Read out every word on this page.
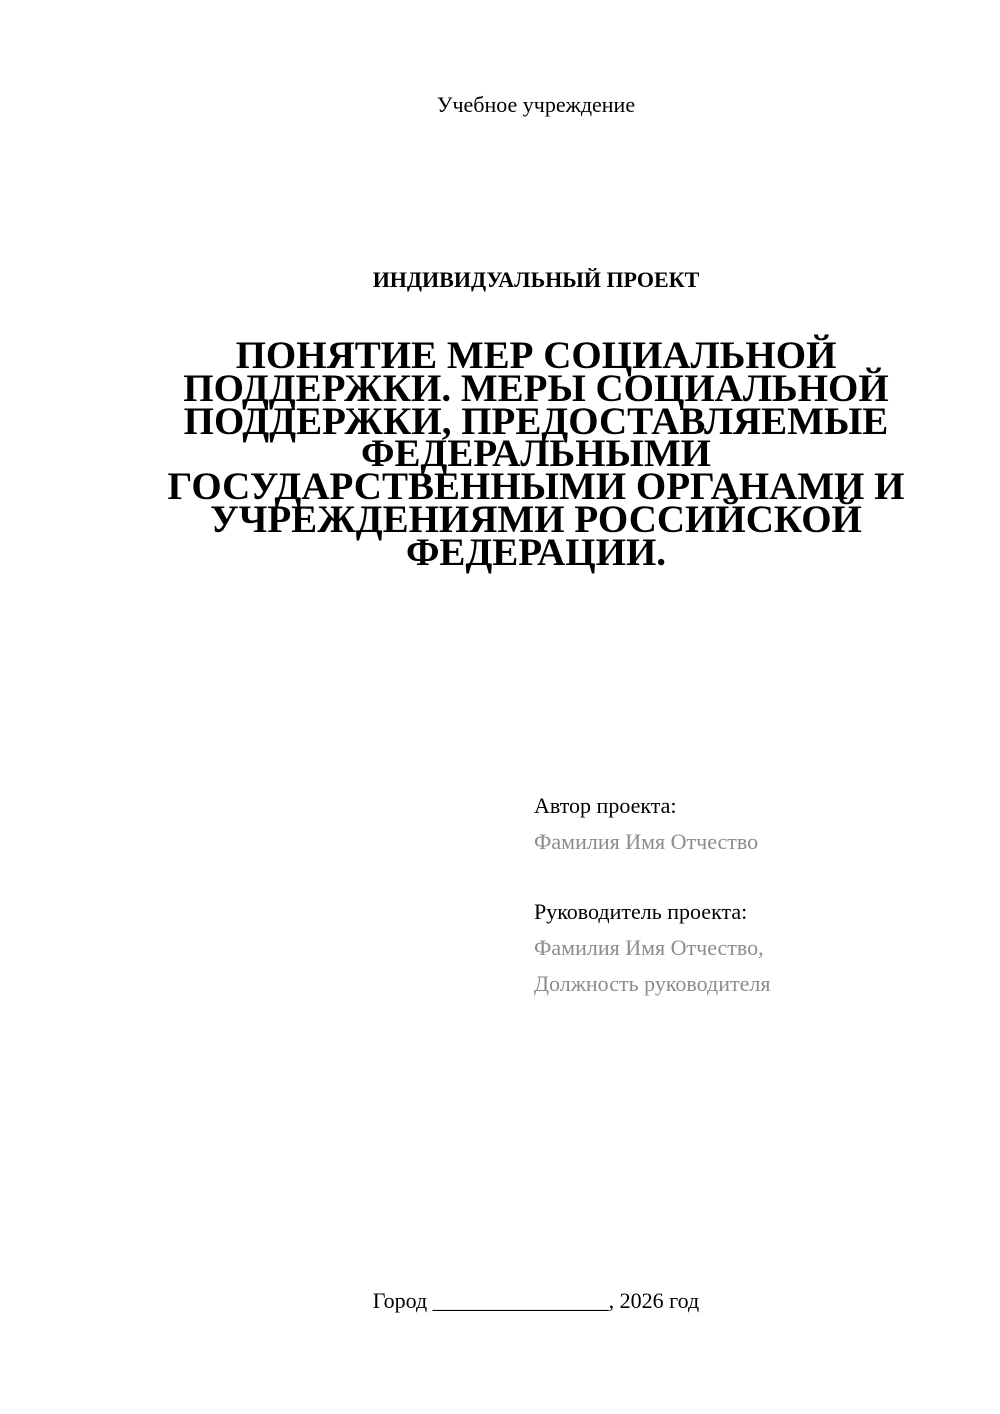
Учебное учреждение
ИНДИВИДУАЛЬНЫЙ ПРОЕКТ
ПОНЯТИЕ МЕР СОЦИАЛЬНОЙ
ПОДДЕРЖКИ. МЕРЫ СОЦИАЛЬНОЙ
ПОДДЕРЖКИ, ПРЕДОСТАВЛЯЕМЫЕ
ФЕДЕРАЛЬНЫМИ
ГОСУДАРСТВЕННЫМИ ОРГАНАМИ И
УЧРЕЖДЕНИЯМИ РОССИЙСКОЙ
ФЕДЕРАЦИИ.
Автор проекта:
Фамилия Имя Отчество
Руководитель проекта:
Фамилия Имя Отчество,
Должность руководителя
Город ________________, 2026 год
